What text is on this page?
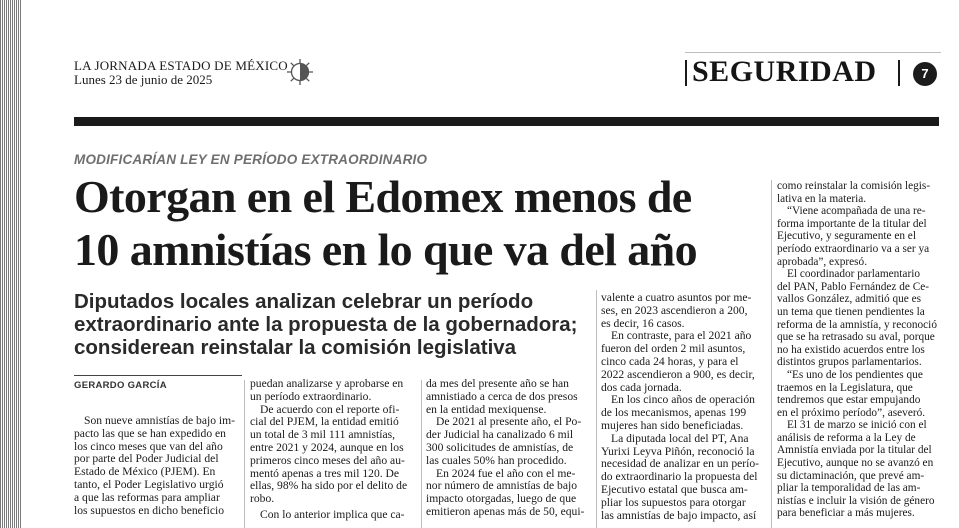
LA JORNADA ESTADO DE MÉXICO
Lunes 23 de junio de 2025	SEGURIDAD	7
MODIFICARÍAN LEY EN PERÍODO EXTRAORDINARIO
Otorgan en el Edomex menos de
10 amnistías en lo que va del año
Diputados locales analizan celebrar un período
extraordinario ante la propuesta de la gobernadora;
considerean reinstalar la comisión legislativa
GERARDO GARCÍA
Son nueve amnistías de bajo im-
pacto las que se han expedido en
los cinco meses que van del año
por parte del Poder Judicial del
Estado de México (PJEM). En
tanto, el Poder Legislativo urgió
a que las reformas para ampliar
los supuestos en dicho beneficio
puedan analizarse y aprobarse en
un período extraordinario.
De acuerdo con el reporte ofi-
cial del PJEM, la entidad emitió
un total de 3 mil 111 amnistías,
entre 2021 y 2024, aunque en los
primeros cinco meses del año au-
mentó apenas a tres mil 120. De
ellas, 98% ha sido por el delito de
robo.
Con lo anterior implica que ca-
da mes del presente año se han
amnistiado a cerca de dos presos
en la entidad mexiquense.
De 2021 al presente año, el Po-
der Judicial ha canalizado 6 mil
300 solicitudes de amnistías, de
las cuales 50% han procedido.
En 2024 fue el año con el me-
nor número de amnistías de bajo
impacto otorgadas, luego de que
emitieron apenas más de 50, equi-
valente a cuatro asuntos por me-
ses, en 2023 ascendieron a 200,
es decir, 16 casos.
En contraste, para el 2021 año
fueron del orden 2 mil asuntos,
cinco cada 24 horas, y para el
2022 ascendieron a 900, es decir,
dos cada jornada.
En los cinco años de operación
de los mecanismos, apenas 199
mujeres han sido beneficiadas.
La diputada local del PT, Ana
Yurixi Leyva Piñón, reconoció la
necesidad de analizar en un perío-
do extraordinario la propuesta del
Ejecutivo estatal que busca am-
pliar los supuestos para otorgar
las amnistías de bajo impacto, así
como reinstalar la comisión legis-
lativa en la materia.
“Viene acompañada de una re-
forma importante de la titular del
Ejecutivo, y seguramente en el
período extraordinario va a ser ya
aprobada”, expresó.
El coordinador parlamentario
del PAN, Pablo Fernández de Ce-
vallos González, admitió que es
un tema que tienen pendientes la
reforma de la amnistía, y reconoció
que se ha retrasado su aval, porque
no ha existido acuerdos entre los
distintos grupos parlamentarios.
“Es uno de los pendientes que
traemos en la Legislatura, que
tendremos que estar empujando
en el próximo período”, aseveró.
El 31 de marzo se inició con el
análisis de reforma a la Ley de
Amnistía enviada por la titular del
Ejecutivo, aunque no se avanzó en
su dictaminación, que prevé am-
pliar la temporalidad de las am-
nistías e incluir la visión de género
para beneficiar a más mujeres.
